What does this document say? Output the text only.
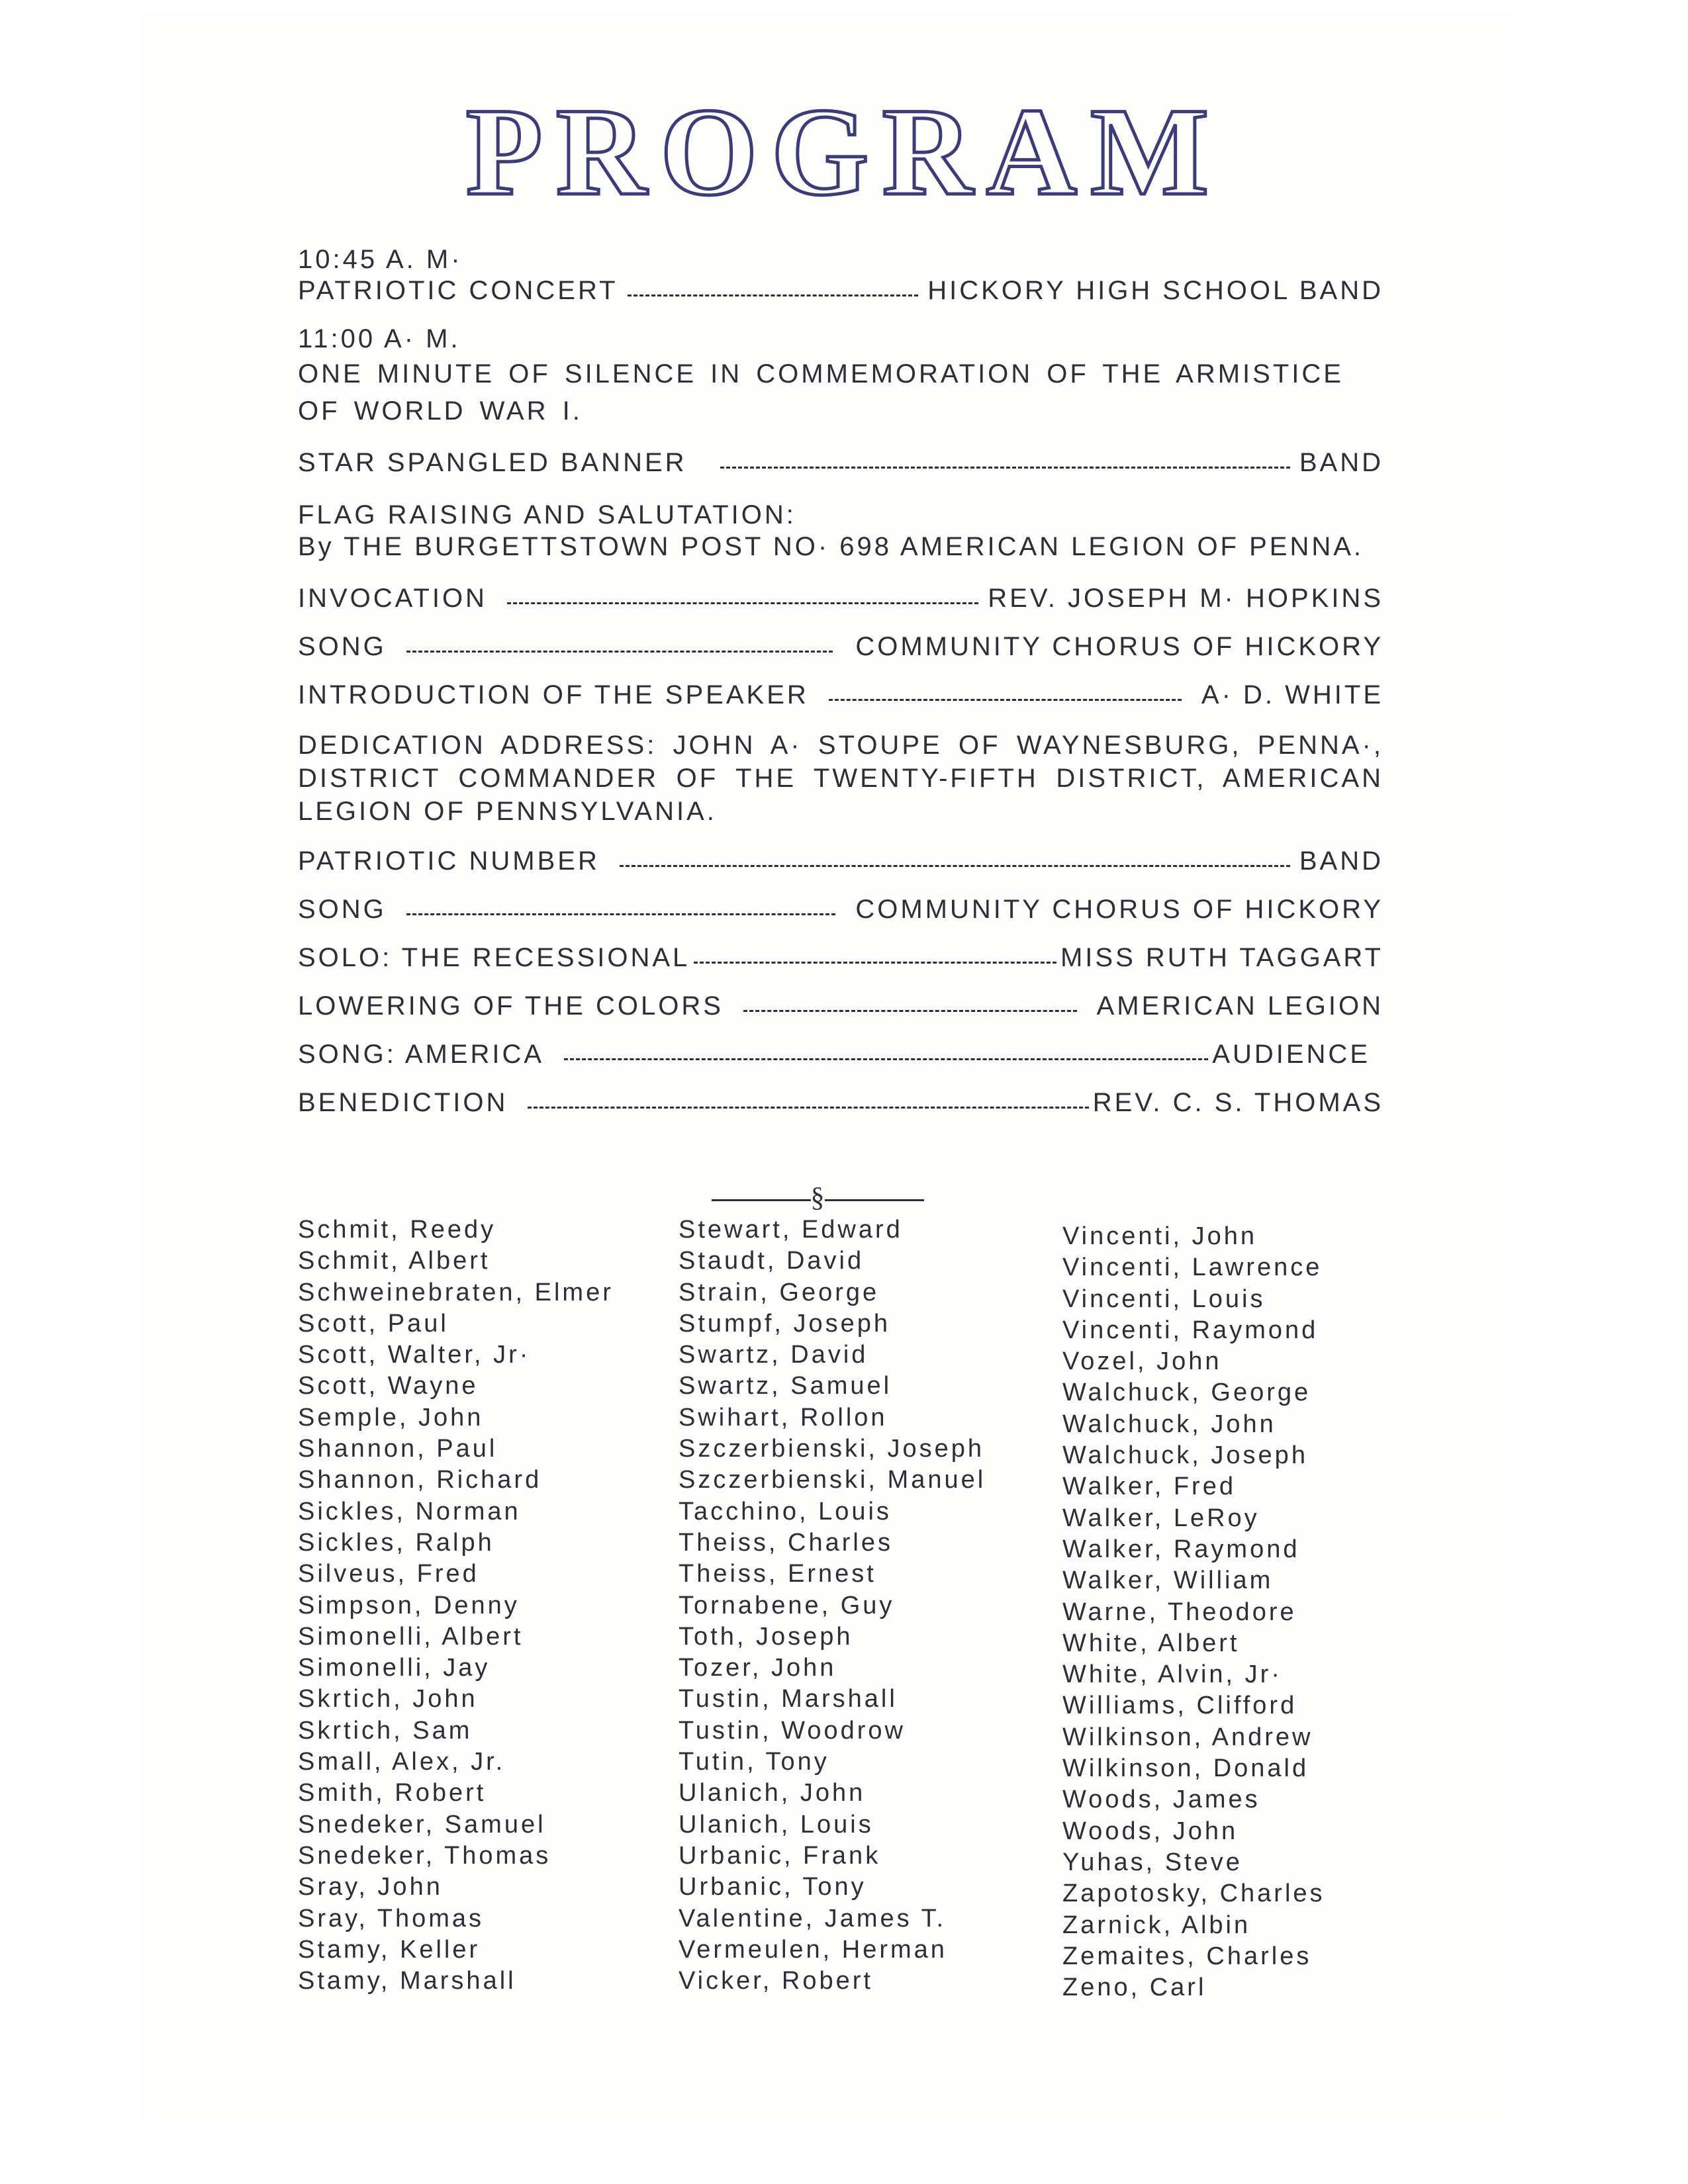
PROGRAM
10:45 A. M·
PATRIOTIC CONCERT	HICKORY HIGH SCHOOL BAND
11:00 A· M.
ONE MINUTE OF SILENCE IN COMMEMORATION OF THE ARMISTICE OF WORLD WAR I.
STAR SPANGLED BANNER	BAND
FLAG RAISING AND SALUTATION:
By THE BURGETTSTOWN POST NO· 698 AMERICAN LEGION OF PENNA.
INVOCATION	REV. JOSEPH M· HOPKINS
SONG	COMMUNITY CHORUS OF HICKORY
INTRODUCTION OF THE SPEAKER	A· D. WHITE
DEDICATION ADDRESS: JOHN A· STOUPE OF WAYNESBURG, PENNA·, DISTRICT COMMANDER OF THE TWENTY-FIFTH DISTRICT, AMERICAN LEGION OF PENNSYLVANIA.
PATRIOTIC NUMBER	BAND
SONG	COMMUNITY CHORUS OF HICKORY
SOLO: THE RECESSIONAL	MISS RUTH TAGGART
LOWERING OF THE COLORS	AMERICAN LEGION
SONG: AMERICA	AUDIENCE
BENEDICTION	REV. C. S. THOMAS
§
Schmit, Reedy
Schmit, Albert
Schweinebraten, Elmer
Scott, Paul
Scott, Walter, Jr·
Scott, Wayne
Semple, John
Shannon, Paul
Shannon, Richard
Sickles, Norman
Sickles, Ralph
Silveus, Fred
Simpson, Denny
Simonelli, Albert
Simonelli, Jay
Skrtich, John
Skrtich, Sam
Small, Alex, Jr.
Smith, Robert
Snedeker, Samuel
Snedeker, Thomas
Sray, John
Sray, Thomas
Stamy, Keller
Stamy, Marshall
Stewart, Edward
Staudt, David
Strain, George
Stumpf, Joseph
Swartz, David
Swartz, Samuel
Swihart, Rollon
Szczerbienski, Joseph
Szczerbienski, Manuel
Tacchino, Louis
Theiss, Charles
Theiss, Ernest
Tornabene, Guy
Toth, Joseph
Tozer, John
Tustin, Marshall
Tustin, Woodrow
Tutin, Tony
Ulanich, John
Ulanich, Louis
Urbanic, Frank
Urbanic, Tony
Valentine, James T.
Vermeulen, Herman
Vicker, Robert
Vincenti, John
Vincenti, Lawrence
Vincenti, Louis
Vincenti, Raymond
Vozel, John
Walchuck, George
Walchuck, John
Walchuck, Joseph
Walker, Fred
Walker, LeRoy
Walker, Raymond
Walker, William
Warne, Theodore
White, Albert
White, Alvin, Jr·
Williams, Clifford
Wilkinson, Andrew
Wilkinson, Donald
Woods, James
Woods, John
Yuhas, Steve
Zapotosky, Charles
Zarnick, Albin
Zemaites, Charles
Zeno, Carl
